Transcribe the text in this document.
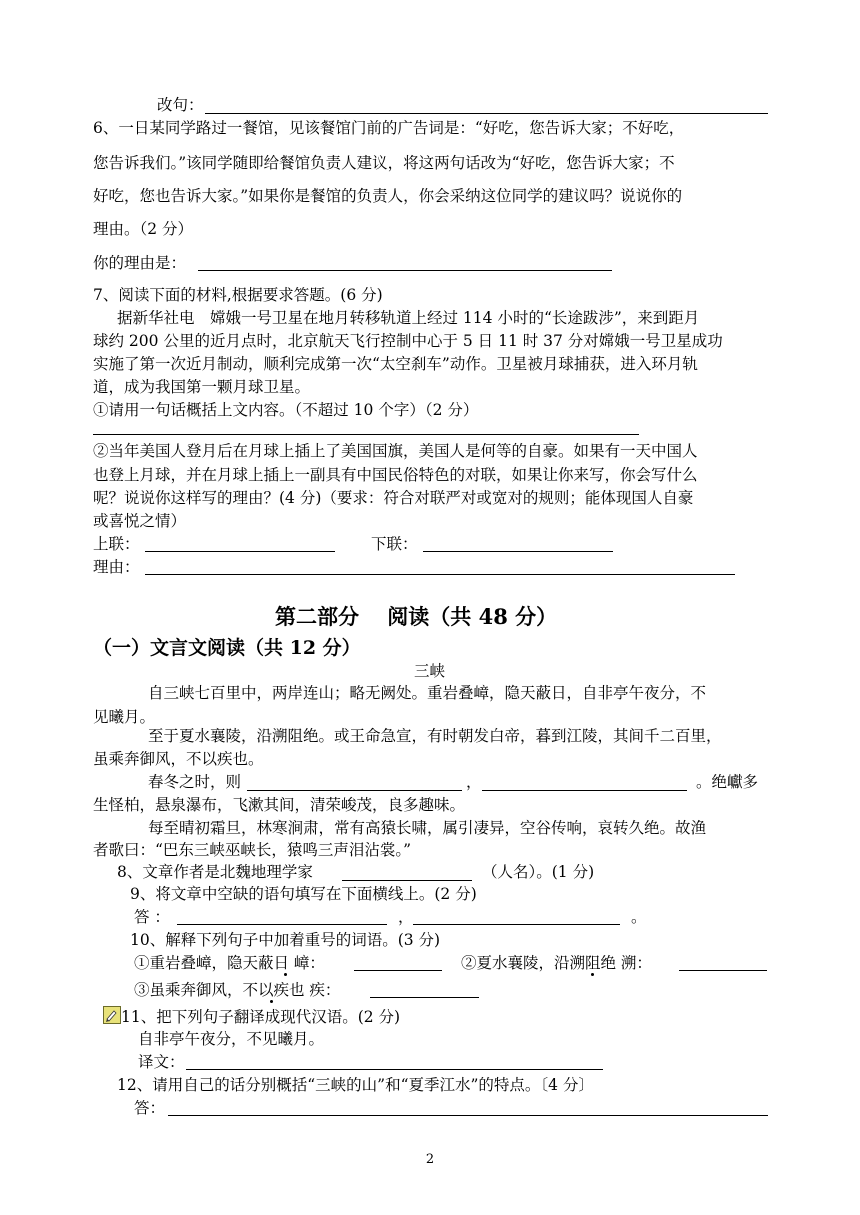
改句：
6、一日某同学路过一餐馆，见该餐馆门前的广告词是：“好吃，您告诉大家；不好吃，
您告诉我们。”该同学随即给餐馆负责人建议，将这两句话改为“好吃，您告诉大家；不
好吃，您也告诉大家。”如果你是餐馆的负责人，你会采纳这位同学的建议吗？说说你的
理由。（2 分）
你的理由是：
7、阅读下面的材料,根据要求答题。(6 分)
据新华社电　嫦娥一号卫星在地月转移轨道上经过 114 小时的“长途跋涉”，来到距月
球约 200 公里的近月点时，北京航天飞行控制中心于 5 日 11 时 37 分对嫦娥一号卫星成功
实施了第一次近月制动，顺利完成第一次“太空刹车”动作。卫星被月球捕获，进入环月轨
道，成为我国第一颗月球卫星。
①请用一句话概括上文内容。（不超过 10 个字）（2 分）
②当年美国人登月后在月球上插上了美国国旗，美国人是何等的自豪。如果有一天中国人
也登上月球，并在月球上插上一副具有中国民俗特色的对联，如果让你来写，你会写什么
呢？说说你这样写的理由？(4 分)（要求：符合对联严对或宽对的规则；能体现国人自豪
或喜悦之情）
上联：	下联：
理由：
第二部分　 阅读（共 48 分）
（一）文言文阅读（共 12 分）
三峡
自三峡七百里中，两岸连山；略无阙处。重岩叠嶂，隐天蔽日，自非亭午夜分，不
见曦月。
至于夏水襄陵，沿溯阻绝。或王命急宣，有时朝发白帝，暮到江陵，其间千二百里，
虽乘奔御风，不以疾也。
春冬之时，则	，	。绝巘多
生怪柏，悬泉瀑布，飞漱其间，清荣峻茂，良多趣味。
每至晴初霜旦，林寒涧肃，常有高猿长啸，属引凄异，空谷传响，哀转久绝。故渔
者歌曰：“巴东三峡巫峡长，猿鸣三声泪沾裳。”
8、文章作者是北魏地理学家	（人名）。(1 分)
9、将文章中空缺的语句填写在下面横线上。(2 分)
答 ：	，	。
10、解释下列句子中加着重号的词语。(3 分)
①重岩叠嶂，隐天蔽日 嶂：	②夏水襄陵，沿溯阻绝 溯：
③虽乘奔御风，不以疾也 疾：
11、把下列句子翻译成现代汉语。(2 分)
自非亭午夜分，不见曦月。
译文：
12、请用自己的话分别概括“三峡的山”和“夏季江水”的特点。〔4 分〕
答：
2
